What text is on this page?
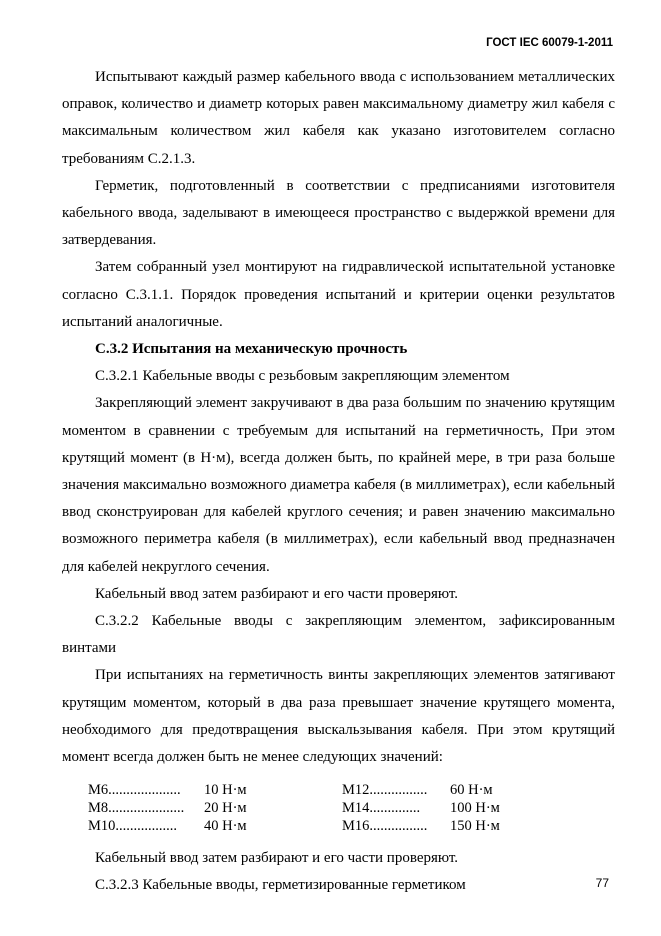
ГОСТ IEC 60079-1-2011

Испытывают каждый размер кабельного ввода с использованием металлических оправок, количество и диаметр которых равен максимальному диаметру жил кабеля с максимальным количеством жил кабеля как указано изготовителем согласно требованиям С.2.1.3.

Герметик, подготовленный в соответствии с предписаниями изготовителя кабельного ввода, заделывают в имеющееся пространство с выдержкой времени для затвердевания.

Затем собранный узел монтируют на гидравлической испытательной установке согласно С.3.1.1. Порядок проведения испытаний и критерии оценки результатов испытаний аналогичные.

С.3.2 Испытания на механическую прочность

С.3.2.1 Кабельные вводы с резьбовым закрепляющим элементом

Закрепляющий элемент закручивают в два раза большим по значению крутящим моментом в сравнении с требуемым для испытаний на герметичность, При этом крутящий момент (в Н·м), всегда должен быть, по крайней мере, в три раза больше значения максимально возможного диаметра кабеля (в миллиметрах), если кабельный ввод сконструирован для кабелей круглого сечения; и равен значению максимально возможного периметра кабеля (в миллиметрах), если кабельный ввод предназначен для кабелей некруглого сечения.

Кабельный ввод затем разбирают и его части проверяют.

С.3.2.2 Кабельные вводы с закрепляющим элементом, зафиксированным винтами

При испытаниях на герметичность винты закрепляющих элементов затягивают крутящим моментом, который в два раза превышает значение крутящего момента, необходимого для предотвращения выскальзывания кабеля. При этом крутящий момент всегда должен быть не менее следующих значений:

М6....................	10 Н·м	М12................	60 Н·м
М8.....................	20 Н·м	М14..............	100 Н·м
М10.................	40 Н·м	М16................	150 Н·м

Кабельный ввод затем разбирают и его части проверяют.

С.3.2.3 Кабельные вводы, герметизированные герметиком	77
